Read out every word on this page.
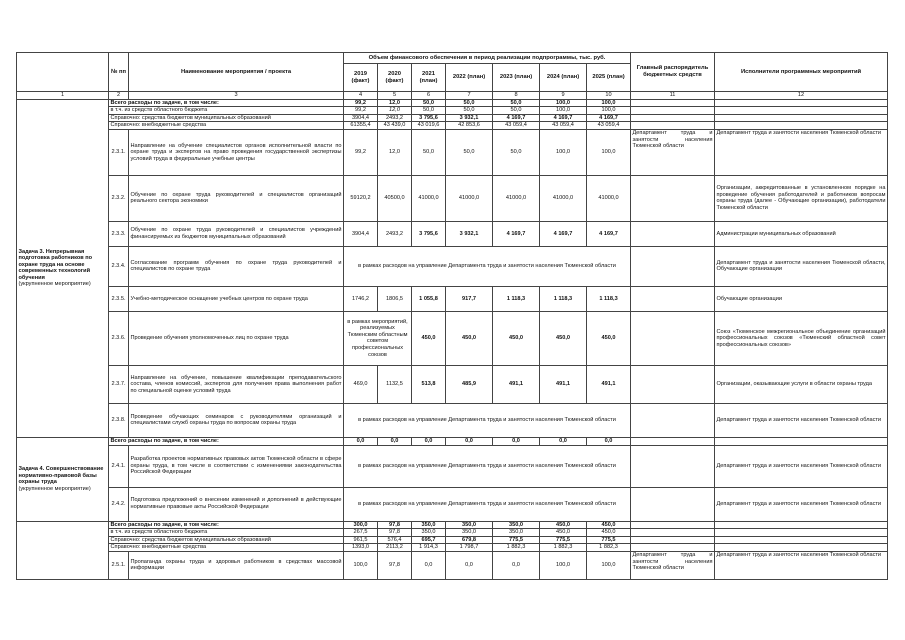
	№ пп	Наименование мероприятия / проекта	Объем финансового обеспечения в период реализации подпрограммы, тыс. руб.							Главный распорядитель бюджетных средств	Исполнители программных мероприятий
			2019 (факт)	2020 (факт)	2021 (план)	2022 (план)	2023 (план)	2024 (план)	2025 (план)		
1	2	3	4	5	6	7	8	9	10	11	12

Задача 3. Непрерывная подготовка работников по охране труда на основе современных технологий обучения
(укрупненное мероприятие)	Всего расходы по задаче, в том числе:		99,2	12,0	50,0	50,0	50,0	100,0	100,0		
	в т.ч. из средств областного бюджета		99,2	12,0	50,0	50,0	50,0	100,0	100,0		
	Справочно: средства бюджетов муниципальных образований		3904,4	2493,2	3 795,6	3 932,1	4 169,7	4 169,7	4 169,7		
	Справочно: внебюджетные средства		61355,4	43 439,0	43 019,6	42 853,6	43 059,4	43 059,4	43 059,4		
	2.3.1.	Направление на обучение специалистов органов исполнительной власти по охране труда и экспертов на право проведения государственной экспертизы условий труда в федеральные учебные центры	99,2	12,0	50,0	50,0	50,0	100,0	100,0	Департамент труда и занятости населения Тюменской области	Департамент труда и занятости населения Тюменской области
	2.3.2.	Обучение по охране труда руководителей и специалистов организаций реального сектора экономики	59120,2	40500,0	41000,0	41000,0	41000,0	41000,0	41000,0		Организации, аккредитованные в установленном порядке на проведение обучения работодателей и работников вопросам охраны труда (далее - Обучающие организации), работодатели Тюменской области
	2.3.3.	Обучение по охране труда руководителей и специалистов учреждений финансируемых из бюджетов муниципальных образований	3904,4	2493,2	3 795,6	3 932,1	4 169,7	4 169,7	4 169,7		Администрации муниципальных образований
	2.3.4.	Согласование программ обучения по охране труда руководителей и специалистов по охране труда	в рамках расходов на управление Департамента труда и занятости населения Тюменской области								Департамент труда и занятости населения Тюменской области, Обучающие организации
	2.3.5.	Учебно-методическое оснащение учебных центров по охране труда	1746,2	1806,5	1 055,8	917,7	1 118,3	1 118,3	1 118,3		Обучающие организации
	2.3.6.	Проведение обучения уполномоченных лиц по охране труда	в рамках мероприятий, реализуемых Тюменским областным советом профессиональных союзов		450,0	450,0	450,0	450,0	450,0		Союз «Тюменское межрегиональное объединение организаций профессиональных союзов «Тюменский областной совет профессиональных союзов»
	2.3.7.	Направление на обучение, повышение квалификации преподавательского состава, членов комиссий, экспертов для получения права выполнения работ по специальной оценке условий труда	469,0	1132,5	513,8	485,9	491,1	491,1	491,1		Организации, оказывающие услуги в области охраны труда
	2.3.8.	Проведение обучающих семинаров с руководителями организаций и специалистами служб охраны труда по вопросам охраны труда	в рамках расходов на управление Департамента труда и занятости населения Тюменской области								Департамент труда и занятости населения Тюменской области

Задача 4. Совершенствование нормативно-правовой базы охраны труда
(укрупненное мероприятие)	Всего расходы по задаче, в том числе:		0,0	0,0	0,0	0,0	0,0	0,0	0,0		
	2.4.1.	Разработка проектов нормативных правовых актов Тюменской области в сфере охраны труда, в том числе в соответствии с изменениями законодательства Российской Федерации	в рамках расходов на управление Департамента труда и занятости населения Тюменской области								Департамент труда и занятости населения Тюменской области
	2.4.2.	Подготовка предложений о внесении изменений и дополнений в действующие нормативные правовые акты Российской Федерации	в рамках расходов на управление Департамента труда и занятости населения Тюменской области								Департамент труда и занятости населения Тюменской области
	Всего расходы по задаче, в том числе:		300,0	97,8	350,0	350,0	350,0	450,0	450,0		
	в т.ч. из средств областного бюджета		267,5	97,8	350,0	350,0	350,0	450,0	450,0		
	Справочно: средства бюджетов муниципальных образований		961,5	576,4	695,7	679,8	775,5	775,5	775,5		
	Справочно: внебюджетные средства		1393,0	2113,2	1 914,3	1 798,7	1 882,3	1 882,3	1 882,3		
	2.5.1.	Пропаганда охраны труда и здоровья работников в средствах массовой информации	100,0	97,8	0,0	0,0	0,0	100,0	100,0	Департамент труда и занятости населения Тюменской области	Департамент труда и занятости населения Тюменской области
